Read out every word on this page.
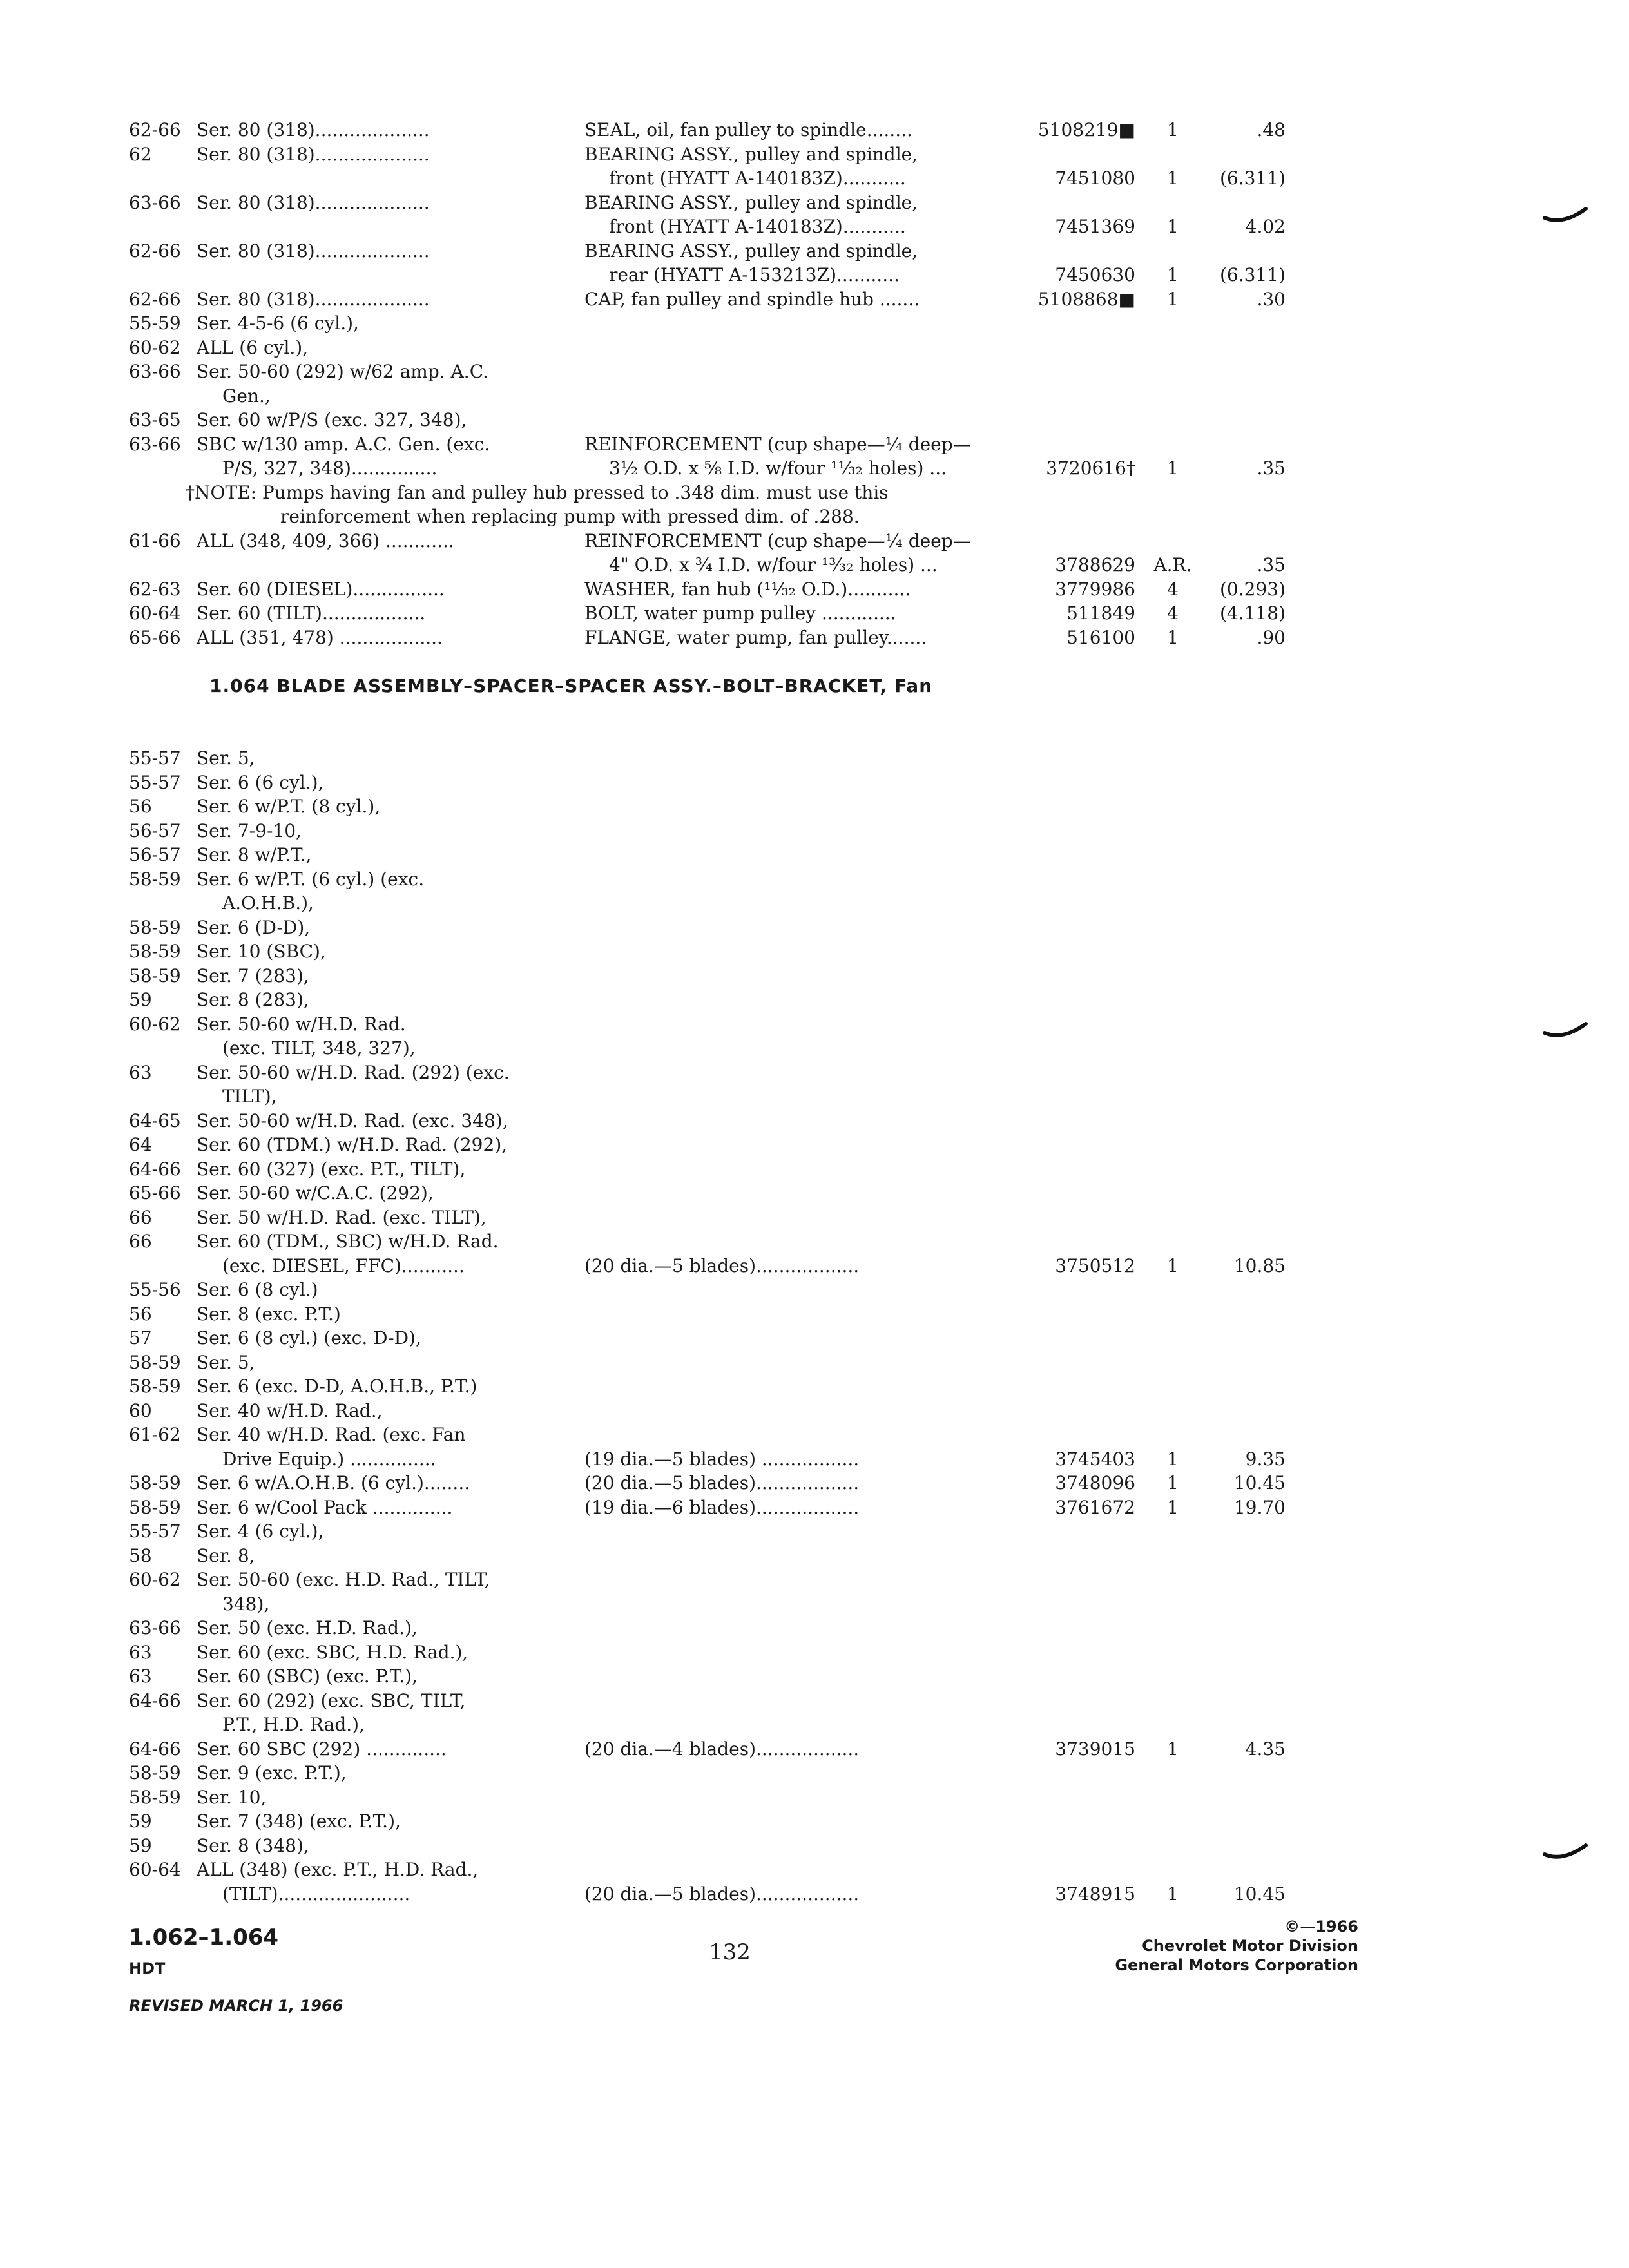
62-66 Ser. 80 (318)....................	SEAL, oil, fan pulley to spindle........	5108219■	1	.48
62 Ser. 80 (318)....................	BEARING ASSY., pulley and spindle,
front (HYATT A-140183Z)...........	7451080	1	(6.311)
63-66 Ser. 80 (318)....................	BEARING ASSY., pulley and spindle,
front (HYATT A-140183Z)...........	7451369	1	4.02
62-66 Ser. 80 (318)....................	BEARING ASSY., pulley and spindle,
rear (HYATT A-153213Z)...........	7450630	1	(6.311)
62-66 Ser. 80 (318)....................	CAP, fan pulley and spindle hub .......	5108868■	1	.30
55-59 Ser. 4-5-6 (6 cyl.),
60-62 ALL (6 cyl.),
63-66 Ser. 50-60 (292) w/62 amp. A.C.
Gen.,
63-65 Ser. 60 w/P/S (exc. 327, 348),
63-66 SBC w/130 amp. A.C. Gen. (exc.	REINFORCEMENT (cup shape—¼ deep—
P/S, 327, 348)...............	3½ O.D. x ⅝ I.D. w/four ¹¹⁄₃₂ holes) ...	3720616†	1	.35
†NOTE: Pumps having fan and pulley hub pressed to .348 dim. must use this
reinforcement when replacing pump with pressed dim. of .288.
61-66 ALL (348, 409, 366) ............	REINFORCEMENT (cup shape—¼ deep—
4" O.D. x ¾ I.D. w/four ¹³⁄₃₂ holes) ...	3788629	A.R.	.35
62-63 Ser. 60 (DIESEL)................	WASHER, fan hub (¹¹⁄₃₂ O.D.)...........	3779986	4	(0.293)
60-64 Ser. 60 (TILT)..................	BOLT, water pump pulley .............	511849	4	(4.118)
65-66 ALL (351, 478) ..................	FLANGE, water pump, fan pulley.......	516100	1	.90
1.064 BLADE ASSEMBLY–SPACER–SPACER ASSY.–BOLT–BRACKET, Fan
55-57 Ser. 5,
55-57 Ser. 6 (6 cyl.),
56 Ser. 6 w/P.T. (8 cyl.),
56-57 Ser. 7-9-10,
56-57 Ser. 8 w/P.T.,
58-59 Ser. 6 w/P.T. (6 cyl.) (exc.
A.O.H.B.),
58-59 Ser. 6 (D-D),
58-59 Ser. 10 (SBC),
58-59 Ser. 7 (283),
59 Ser. 8 (283),
60-62 Ser. 50-60 w/H.D. Rad.
(exc. TILT, 348, 327),
63 Ser. 50-60 w/H.D. Rad. (292) (exc.
TILT),
64-65 Ser. 50-60 w/H.D. Rad. (exc. 348),
64 Ser. 60 (TDM.) w/H.D. Rad. (292),
64-66 Ser. 60 (327) (exc. P.T., TILT),
65-66 Ser. 50-60 w/C.A.C. (292),
66 Ser. 50 w/H.D. Rad. (exc. TILT),
66 Ser. 60 (TDM., SBC) w/H.D. Rad.
(exc. DIESEL, FFC)...........	(20 dia.—5 blades)..................	3750512	1	10.85
55-56 Ser. 6 (8 cyl.)
56 Ser. 8 (exc. P.T.)
57 Ser. 6 (8 cyl.) (exc. D-D),
58-59 Ser. 5,
58-59 Ser. 6 (exc. D-D, A.O.H.B., P.T.)
60 Ser. 40 w/H.D. Rad.,
61-62 Ser. 40 w/H.D. Rad. (exc. Fan
Drive Equip.) ...............	(19 dia.—5 blades) .................	3745403	1	9.35
58-59 Ser. 6 w/A.O.H.B. (6 cyl.)........	(20 dia.—5 blades)..................	3748096	1	10.45
58-59 Ser. 6 w/Cool Pack ..............	(19 dia.—6 blades)..................	3761672	1	19.70
55-57 Ser. 4 (6 cyl.),
58 Ser. 8,
60-62 Ser. 50-60 (exc. H.D. Rad., TILT,
348),
63-66 Ser. 50 (exc. H.D. Rad.),
63 Ser. 60 (exc. SBC, H.D. Rad.),
63 Ser. 60 (SBC) (exc. P.T.),
64-66 Ser. 60 (292) (exc. SBC, TILT,
P.T., H.D. Rad.),
64-66 Ser. 60 SBC (292) ..............	(20 dia.—4 blades)..................	3739015	1	4.35
58-59 Ser. 9 (exc. P.T.),
58-59 Ser. 10,
59 Ser. 7 (348) (exc. P.T.),
59 Ser. 8 (348),
60-64 ALL (348) (exc. P.T., H.D. Rad.,
(TILT).......................	(20 dia.—5 blades)..................	3748915	1	10.45
1.062–1.064
HDT
REVISED MARCH 1, 1966
132
©—1966
Chevrolet Motor Division
General Motors Corporation
